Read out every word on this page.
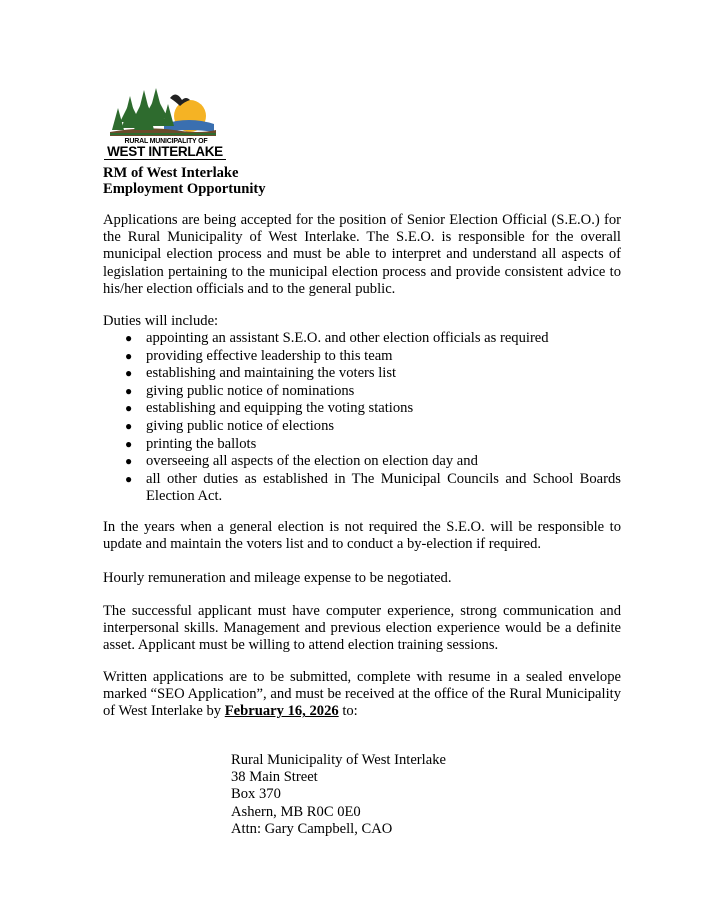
RURAL MUNICIPALITY OF
WEST INTERLAKE
RM of West Interlake
Employment Opportunity
Applications are being accepted for the position of Senior Election Official (S.E.O.) for
the Rural Municipality of West Interlake. The S.E.O. is responsible for the overall
municipal election process and must be able to interpret and understand all aspects of
legislation pertaining to the municipal election process and provide consistent advice to
his/her election officials and to the general public.
Duties will include:
● appointing an assistant S.E.O. and other election officials as required
● providing effective leadership to this team
● establishing and maintaining the voters list
● giving public notice of nominations
● establishing and equipping the voting stations
● giving public notice of elections
● printing the ballots
● overseeing all aspects of the election on election day and
● all other duties as established in The Municipal Councils and School Boards
Election Act.
In the years when a general election is not required the S.E.O. will be responsible to
update and maintain the voters list and to conduct a by-election if required.
Hourly remuneration and mileage expense to be negotiated.
The successful applicant must have computer experience, strong communication and
interpersonal skills. Management and previous election experience would be a definite
asset. Applicant must be willing to attend election training sessions.
Written applications are to be submitted, complete with resume in a sealed envelope
marked “SEO Application”, and must be received at the office of the Rural Municipality
of West Interlake by February 16, 2026 to:
Rural Municipality of West Interlake
38 Main Street
Box 370
Ashern, MB R0C 0E0
Attn: Gary Campbell, CAO
